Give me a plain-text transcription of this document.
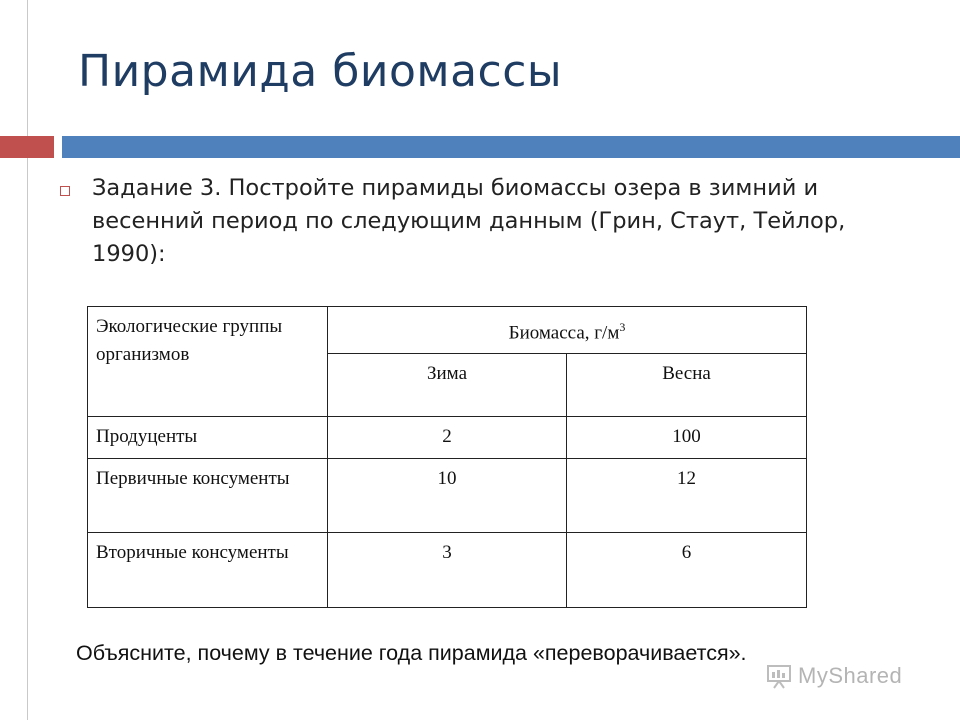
Пирамида биомассы
Задание 3. Постройте пирамиды биомассы озера в зимний и весенний период по следующим данным (Грин, Стаут, Тейлор, 1990):
Экологические группы организмов	Биомасса, $г/м^3$
	Зима	Весна
Продуценты	2	100
Первичные консументы	10	12
Вторичные консументы	3	6
Объясните, почему в течение года пирамида «переворачивается».
MyShared
